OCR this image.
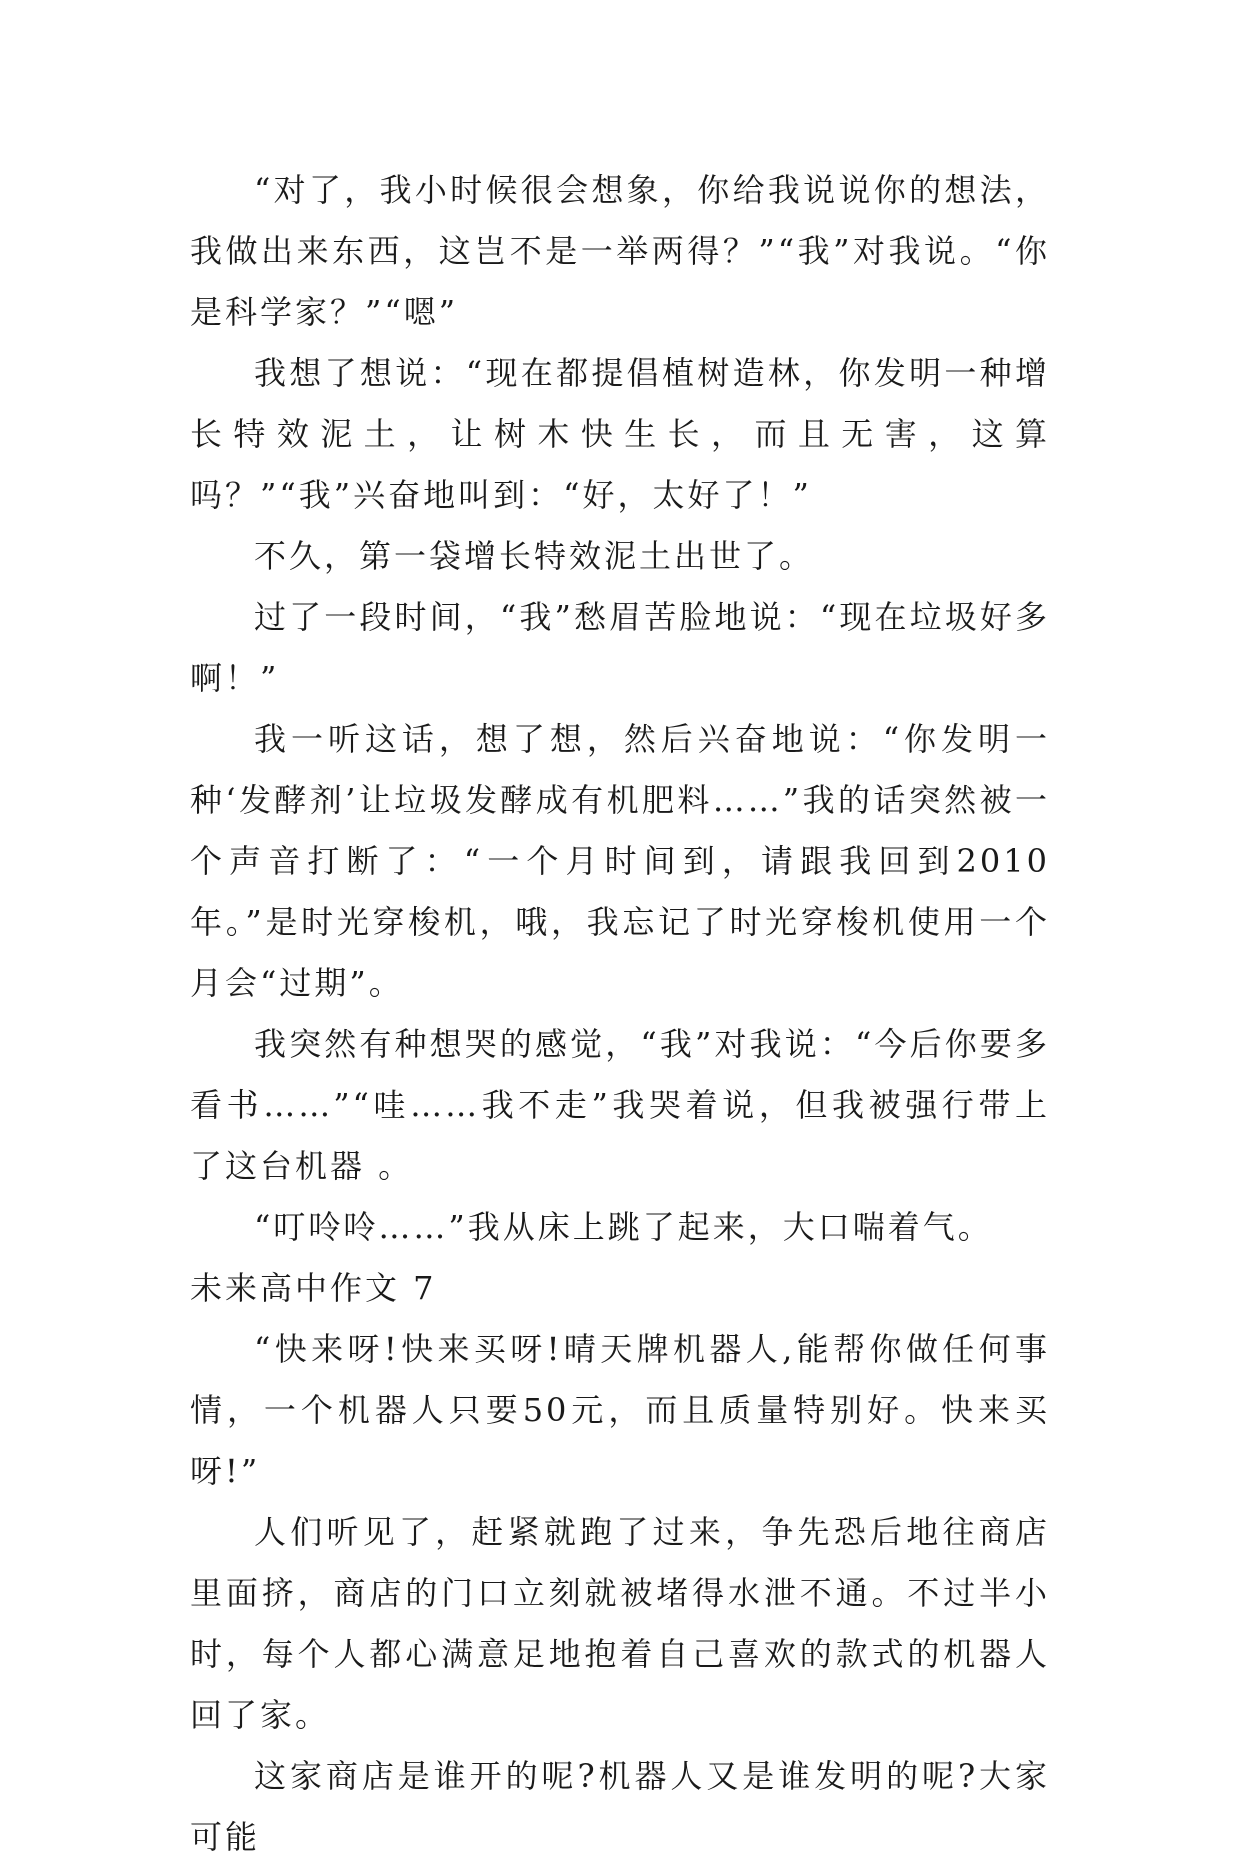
“对了，我小时候很会想象，你给我说说你的想法，我做出来东西，这岂不是一举两得？”“我”对我说。“你是科学家？”“嗯”

我想了想说：“现在都提倡植树造林，你发明一种增长特效泥土，让树木快生长，而且无害，这算吗？”“我”兴奋地叫到：“好，太好了！”

不久，第一袋增长特效泥土出世了。

过了一段时间，“我”愁眉苦脸地说：“现在垃圾好多啊！”

我一听这话，想了想，然后兴奋地说：“你发明一种‘发酵剂’让垃圾发酵成有机肥料……”我的话突然被一个声音打断了：“一个月时间到，请跟我回到2010年。”是时光穿梭机，哦，我忘记了时光穿梭机使用一个月会“过期”。

我突然有种想哭的感觉，“我”对我说：“今后你要多看书……”“哇……我不走”我哭着说，但我被强行带上了这台机器 。

“叮呤呤……”我从床上跳了起来，大口喘着气。

未来高中作文 7

“快来呀!快来买呀!晴天牌机器人,能帮你做任何事情，一个机器人只要50元，而且质量特别好。快来买呀!”

人们听见了，赶紧就跑了过来，争先恐后地往商店里面挤，商店的门口立刻就被堵得水泄不通。不过半小时，每个人都心满意足地抱着自己喜欢的款式的机器人回了家。

这家商店是谁开的呢?机器人又是谁发明的呢?大家可能
